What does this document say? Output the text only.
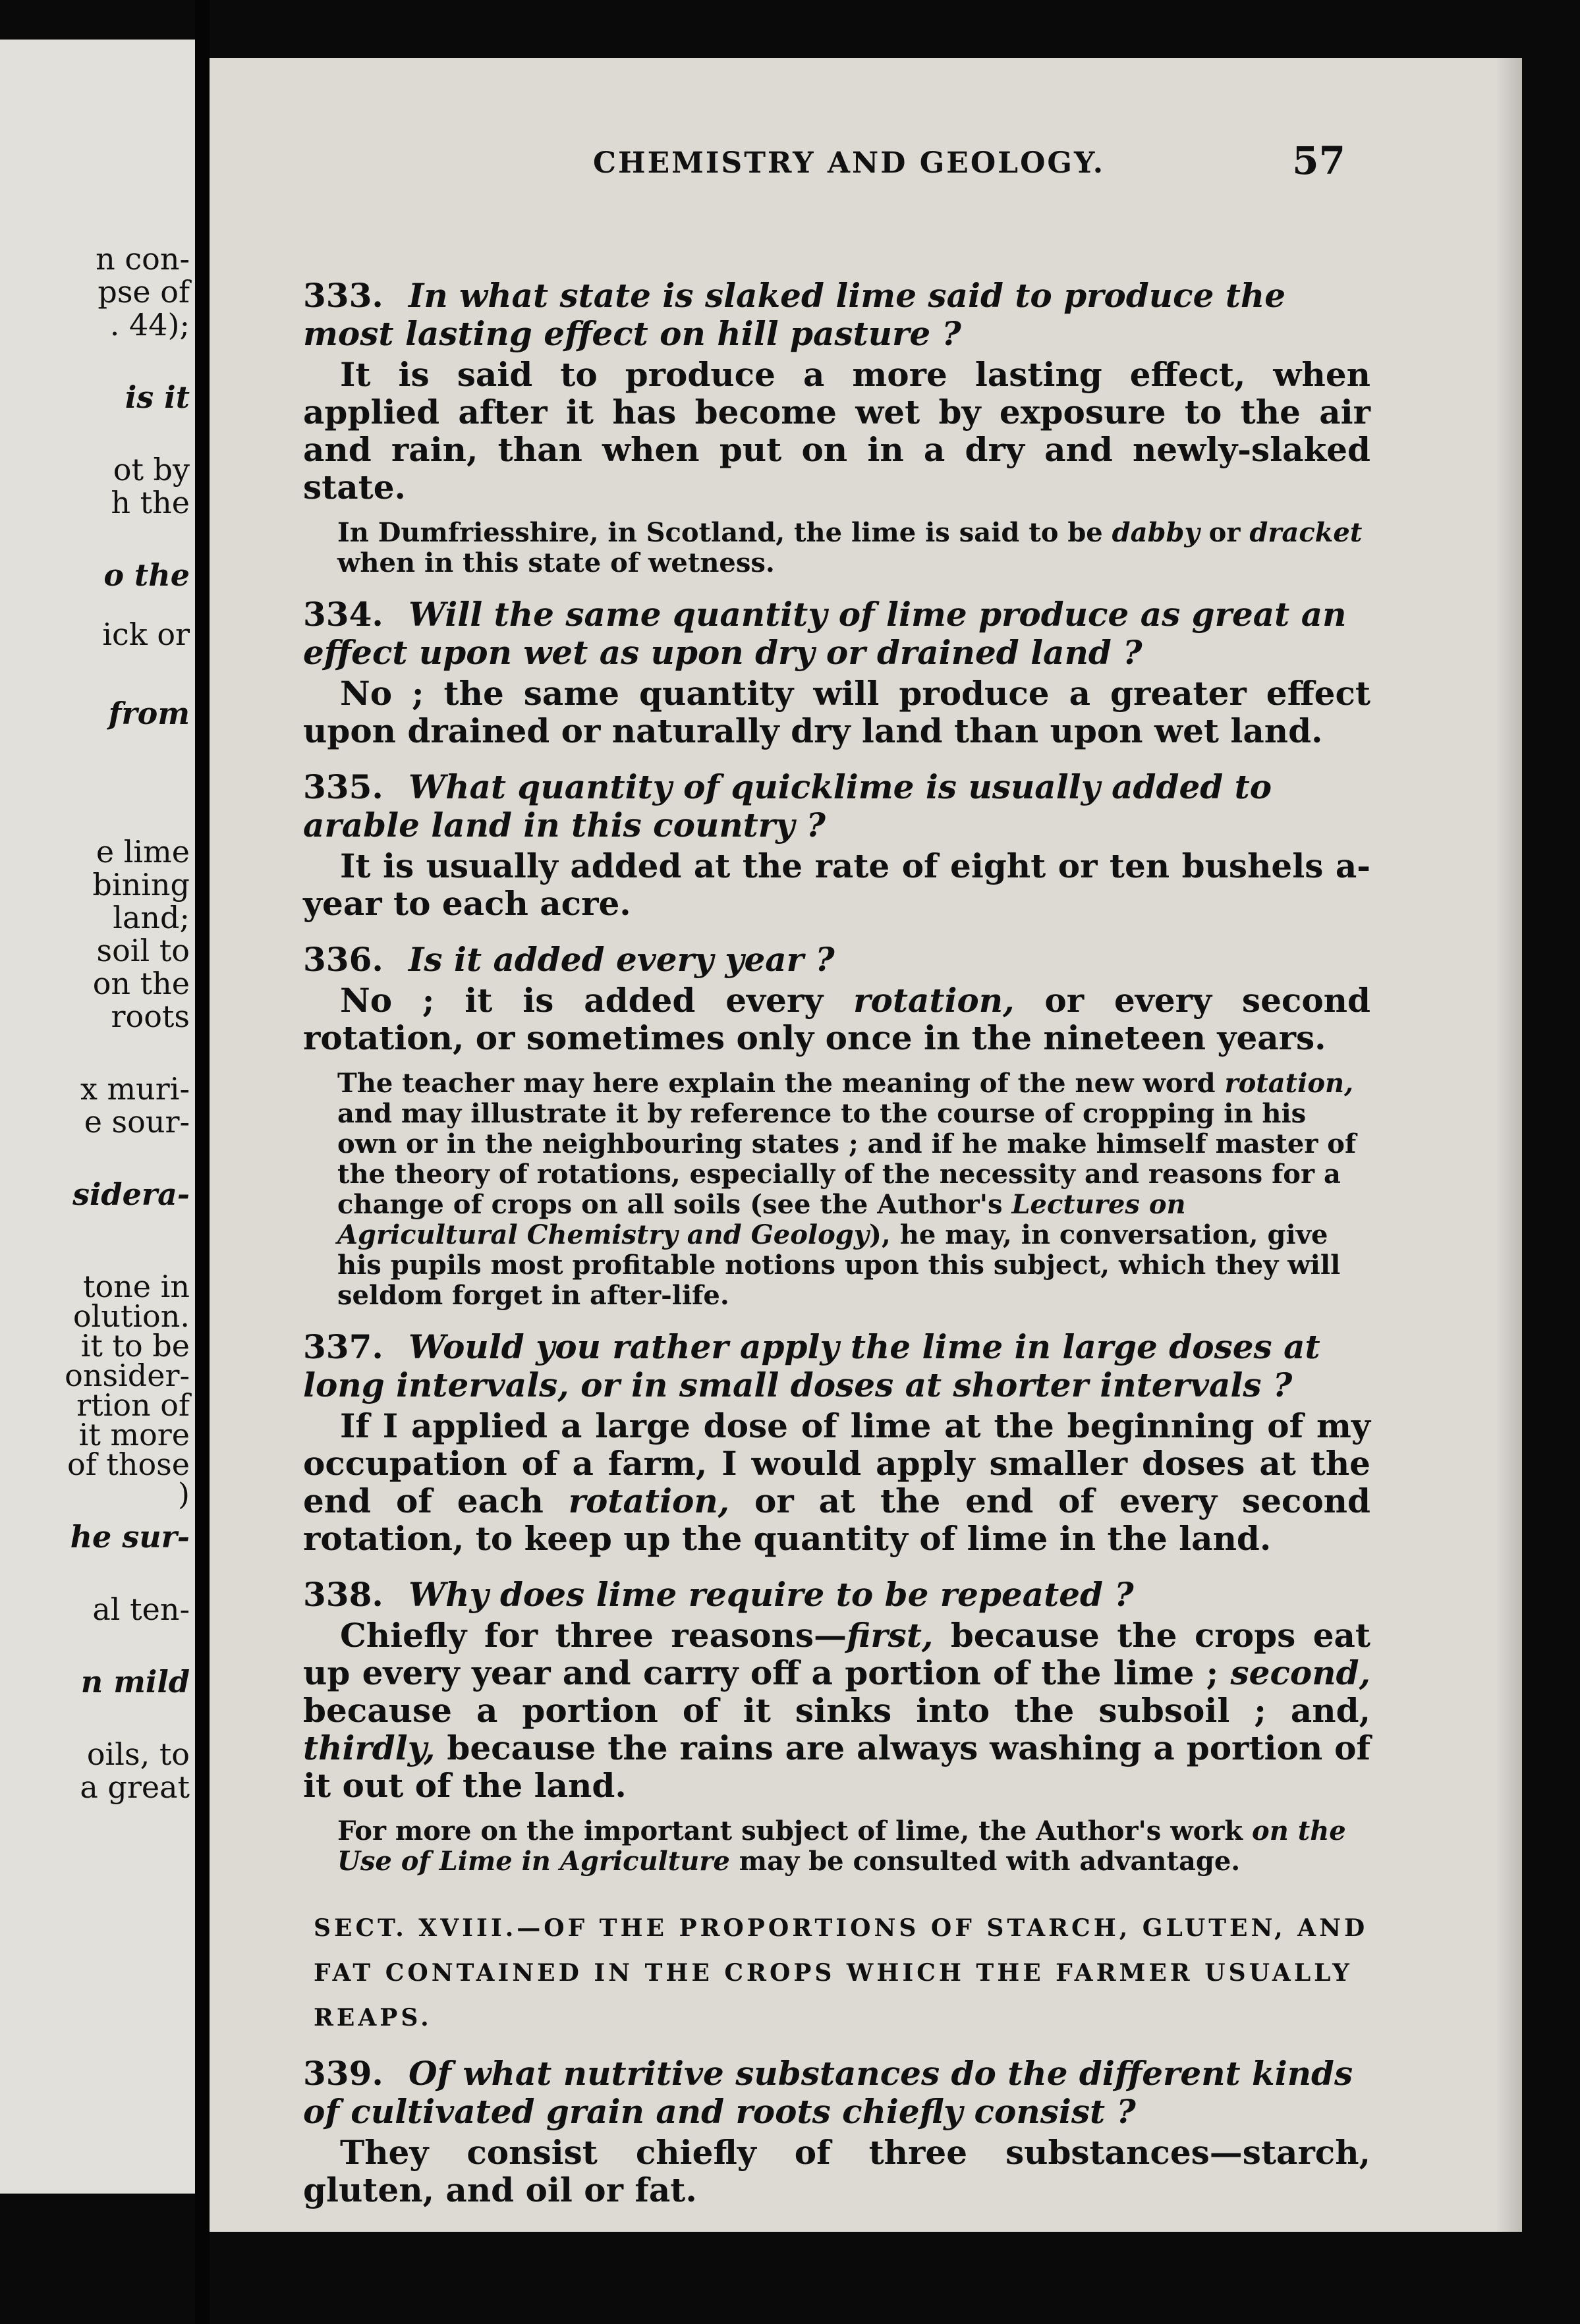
n con-
pse of
. 44);
is it
ot by
h the
o the
ick or
from
e lime
bining
land;
soil to
on the
roots
x muri-
e sour-
sidera-
tone in
olution.
it to be
onsider-
rtion of
it more
of those
)
he sur-
al ten-
n mild
oils, to
a great
CHEMISTRY AND GEOLOGY.	57
333. In what state is slaked lime said to produce the most lasting effect on hill pasture ?

It is said to produce a more lasting effect, when applied after it has become wet by exposure to the air and rain, than when put on in a dry and newly-slaked state.

In Dumfriesshire, in Scotland, the lime is said to be dabby or dracket when in this state of wetness.

334. Will the same quantity of lime produce as great an effect upon wet as upon dry or drained land ?

No ; the same quantity will produce a greater effect upon drained or naturally dry land than upon wet land.

335. What quantity of quicklime is usually added to arable land in this country ?

It is usually added at the rate of eight or ten bushels a-year to each acre.

336. Is it added every year ?

No ; it is added every rotation, or every second rotation, or sometimes only once in the nineteen years.

The teacher may here explain the meaning of the new word rotation, and may illustrate it by reference to the course of cropping in his own or in the neighbouring states ; and if he make himself master of the theory of rotations, especially of the necessity and reasons for a change of crops on all soils (see the Author's Lectures on Agricultural Chemistry and Geology), he may, in conversation, give his pupils most profitable notions upon this subject, which they will seldom forget in after-life.

337. Would you rather apply the lime in large doses at long intervals, or in small doses at shorter intervals ?

If I applied a large dose of lime at the beginning of my occupation of a farm, I would apply smaller doses at the end of each rotation, or at the end of every second rotation, to keep up the quantity of lime in the land.

338. Why does lime require to be repeated ?

Chiefly for three reasons—first, because the crops eat up every year and carry off a portion of the lime ; second, because a portion of it sinks into the subsoil ; and, thirdly, because the rains are always washing a portion of it out of the land.

For more on the important subject of lime, the Author's work on the Use of Lime in Agriculture may be consulted with advantage.

SECT. XVIII.—OF THE PROPORTIONS OF STARCH, GLUTEN, AND FAT CONTAINED IN THE CROPS WHICH THE FARMER USUALLY REAPS.

339. Of what nutritive substances do the different kinds of cultivated grain and roots chiefly consist ?

They consist chiefly of three substances—starch, gluten, and oil or fat.
